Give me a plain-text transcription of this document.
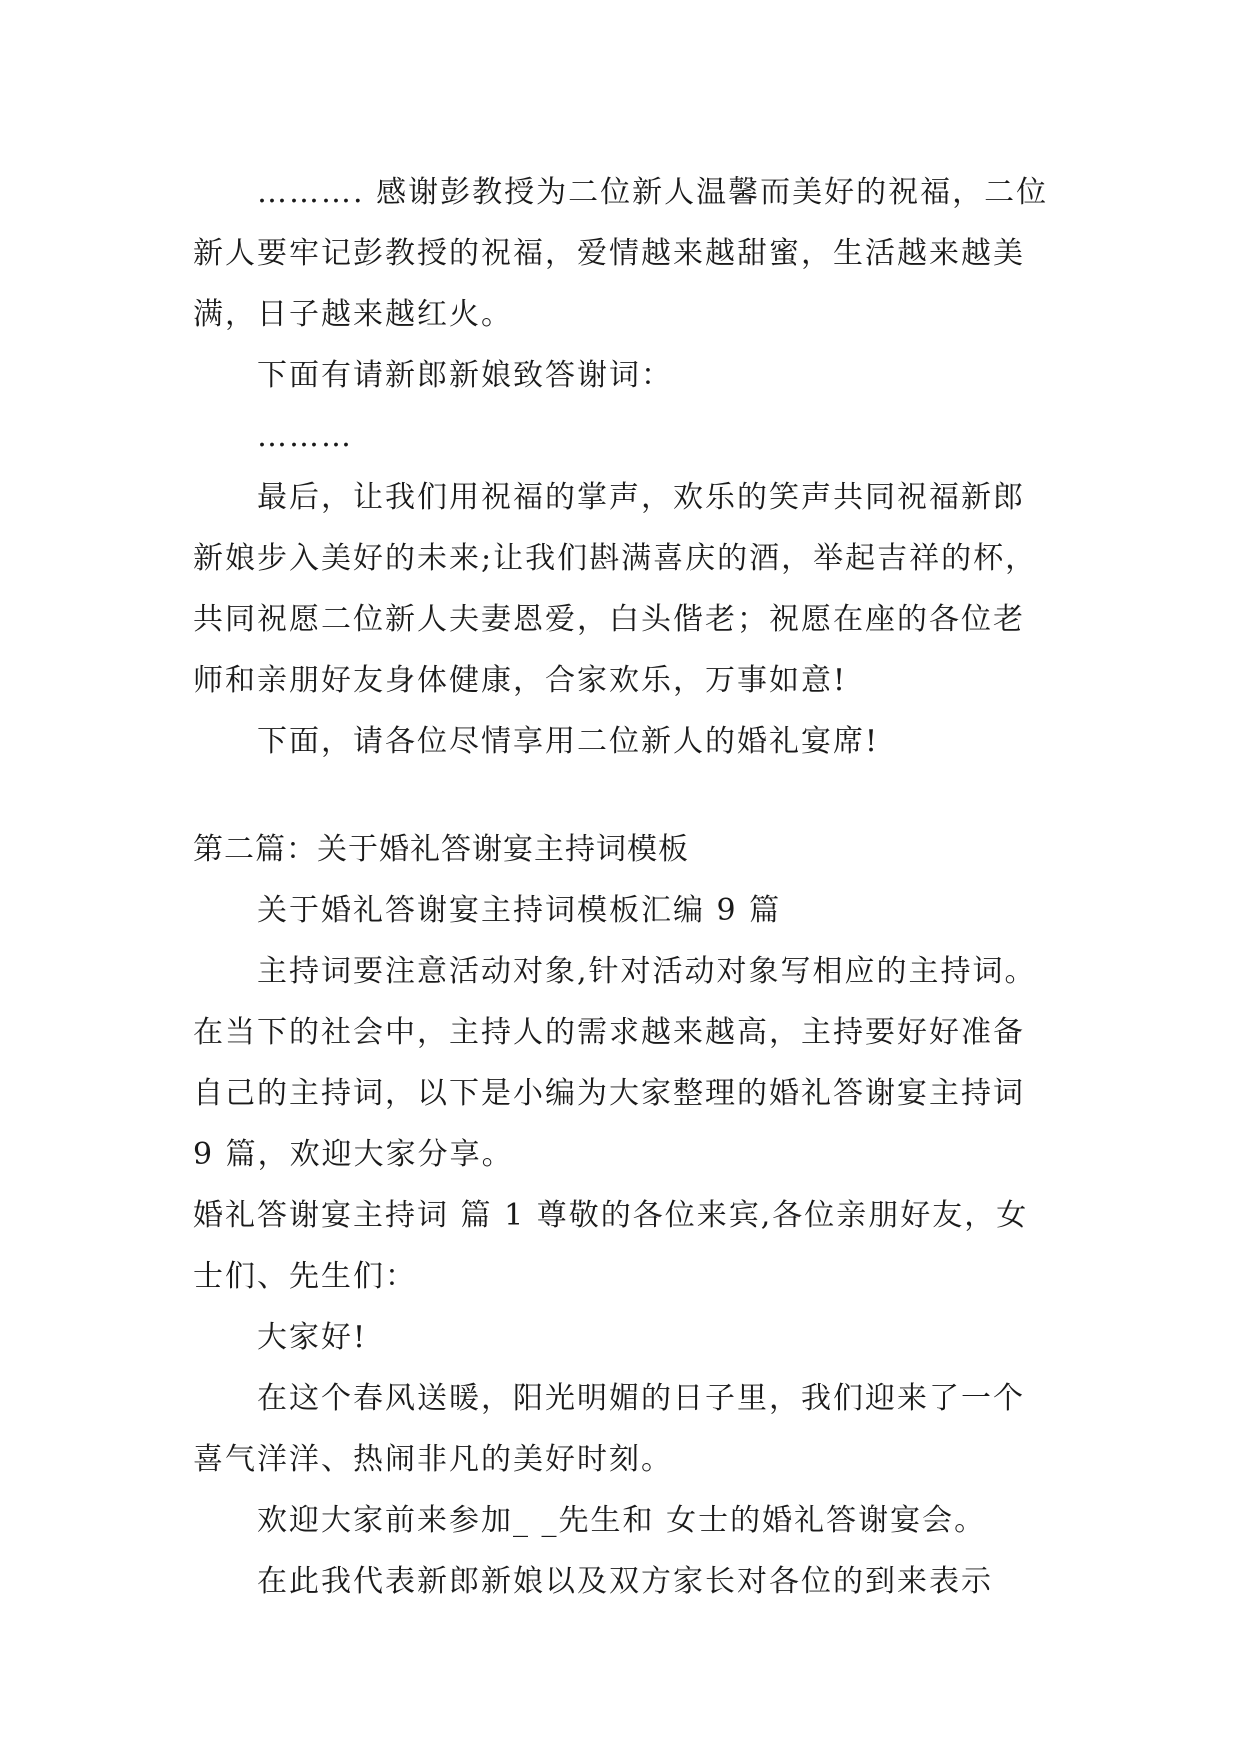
………. 感谢彭教授为二位新人温馨而美好的祝福，二位新人要牢记彭教授的祝福，爱情越来越甜蜜，生活越来越美满，日子越来越红火。

下面有请新郎新娘致答谢词：

………

最后，让我们用祝福的掌声，欢乐的笑声共同祝福新郎新娘步入美好的未来;让我们斟满喜庆的酒，举起吉祥的杯，共同祝愿二位新人夫妻恩爱，白头偕老；祝愿在座的各位老师和亲朋好友身体健康，合家欢乐，万事如意!

下面，请各位尽情享用二位新人的婚礼宴席!

第二篇：关于婚礼答谢宴主持词模板

关于婚礼答谢宴主持词模板汇编 9 篇

主持词要注意活动对象,针对活动对象写相应的主持词。在当下的社会中，主持人的需求越来越高，主持要好好准备自己的主持词，以下是小编为大家整理的婚礼答谢宴主持词 9 篇，欢迎大家分享。

婚礼答谢宴主持词 篇 1 尊敬的各位来宾,各位亲朋好友，女士们、先生们：

大家好!

在这个春风送暖，阳光明媚的日子里，我们迎来了一个喜气洋洋、热闹非凡的美好时刻。

欢迎大家前来参加_ _先生和 女士的婚礼答谢宴会。

在此我代表新郎新娘以及双方家长对各位的到来表示
